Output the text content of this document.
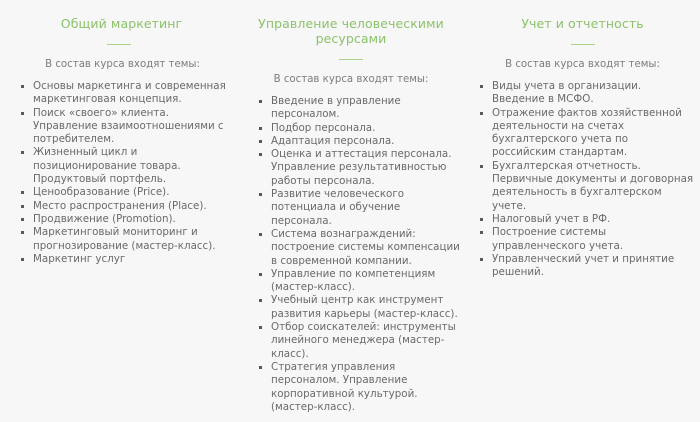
Общий маркетинг

В состав курса входят темы:

Основы маркетинга и современная маркетинговая концепция.
Поиск «своего» клиента. Управление взаимоотношениями с потребителем.
Жизненный цикл и позиционирование товара. Продуктовый портфель.
Ценообразование (Price).
Место распространения (Place).
Продвижение (Promotion).
Маркетинговый мониторинг и прогнозирование (мастер-класс).
Маркетинг услуг
Управление человеческими ресурсами

В состав курса входят темы:

Введение в управление персоналом.
Подбор персонала.
Адаптация персонала.
Оценка и аттестация персонала. Управление результативностью работы персонала.
Развитие человеческого потенциала и обучение персонала.
Система вознаграждений: построение системы компенсации в современной компании.
Управление по компетенциям (мастер-класс).
Учебный центр как инструмент развития карьеры (мастер-класс).
Отбор соискателей: инструменты линейного менеджера (мастер-класс).
Стратегия управления персоналом. Управление корпоративной культурой. (мастер-класс).
Учет и отчетность

В состав курса входят темы:

Виды учета в организации. Введение в МСФО.
Отражение фактов хозяйственной деятельности на счетах бухгалтерского учета по российским стандартам.
Бухгалтерская отчетность. Первичные документы и договорная деятельность в бухгалтерском учете.
Налоговый учет в РФ.
Построение системы управленческого учета.
Управленческий учет и принятие решений.
